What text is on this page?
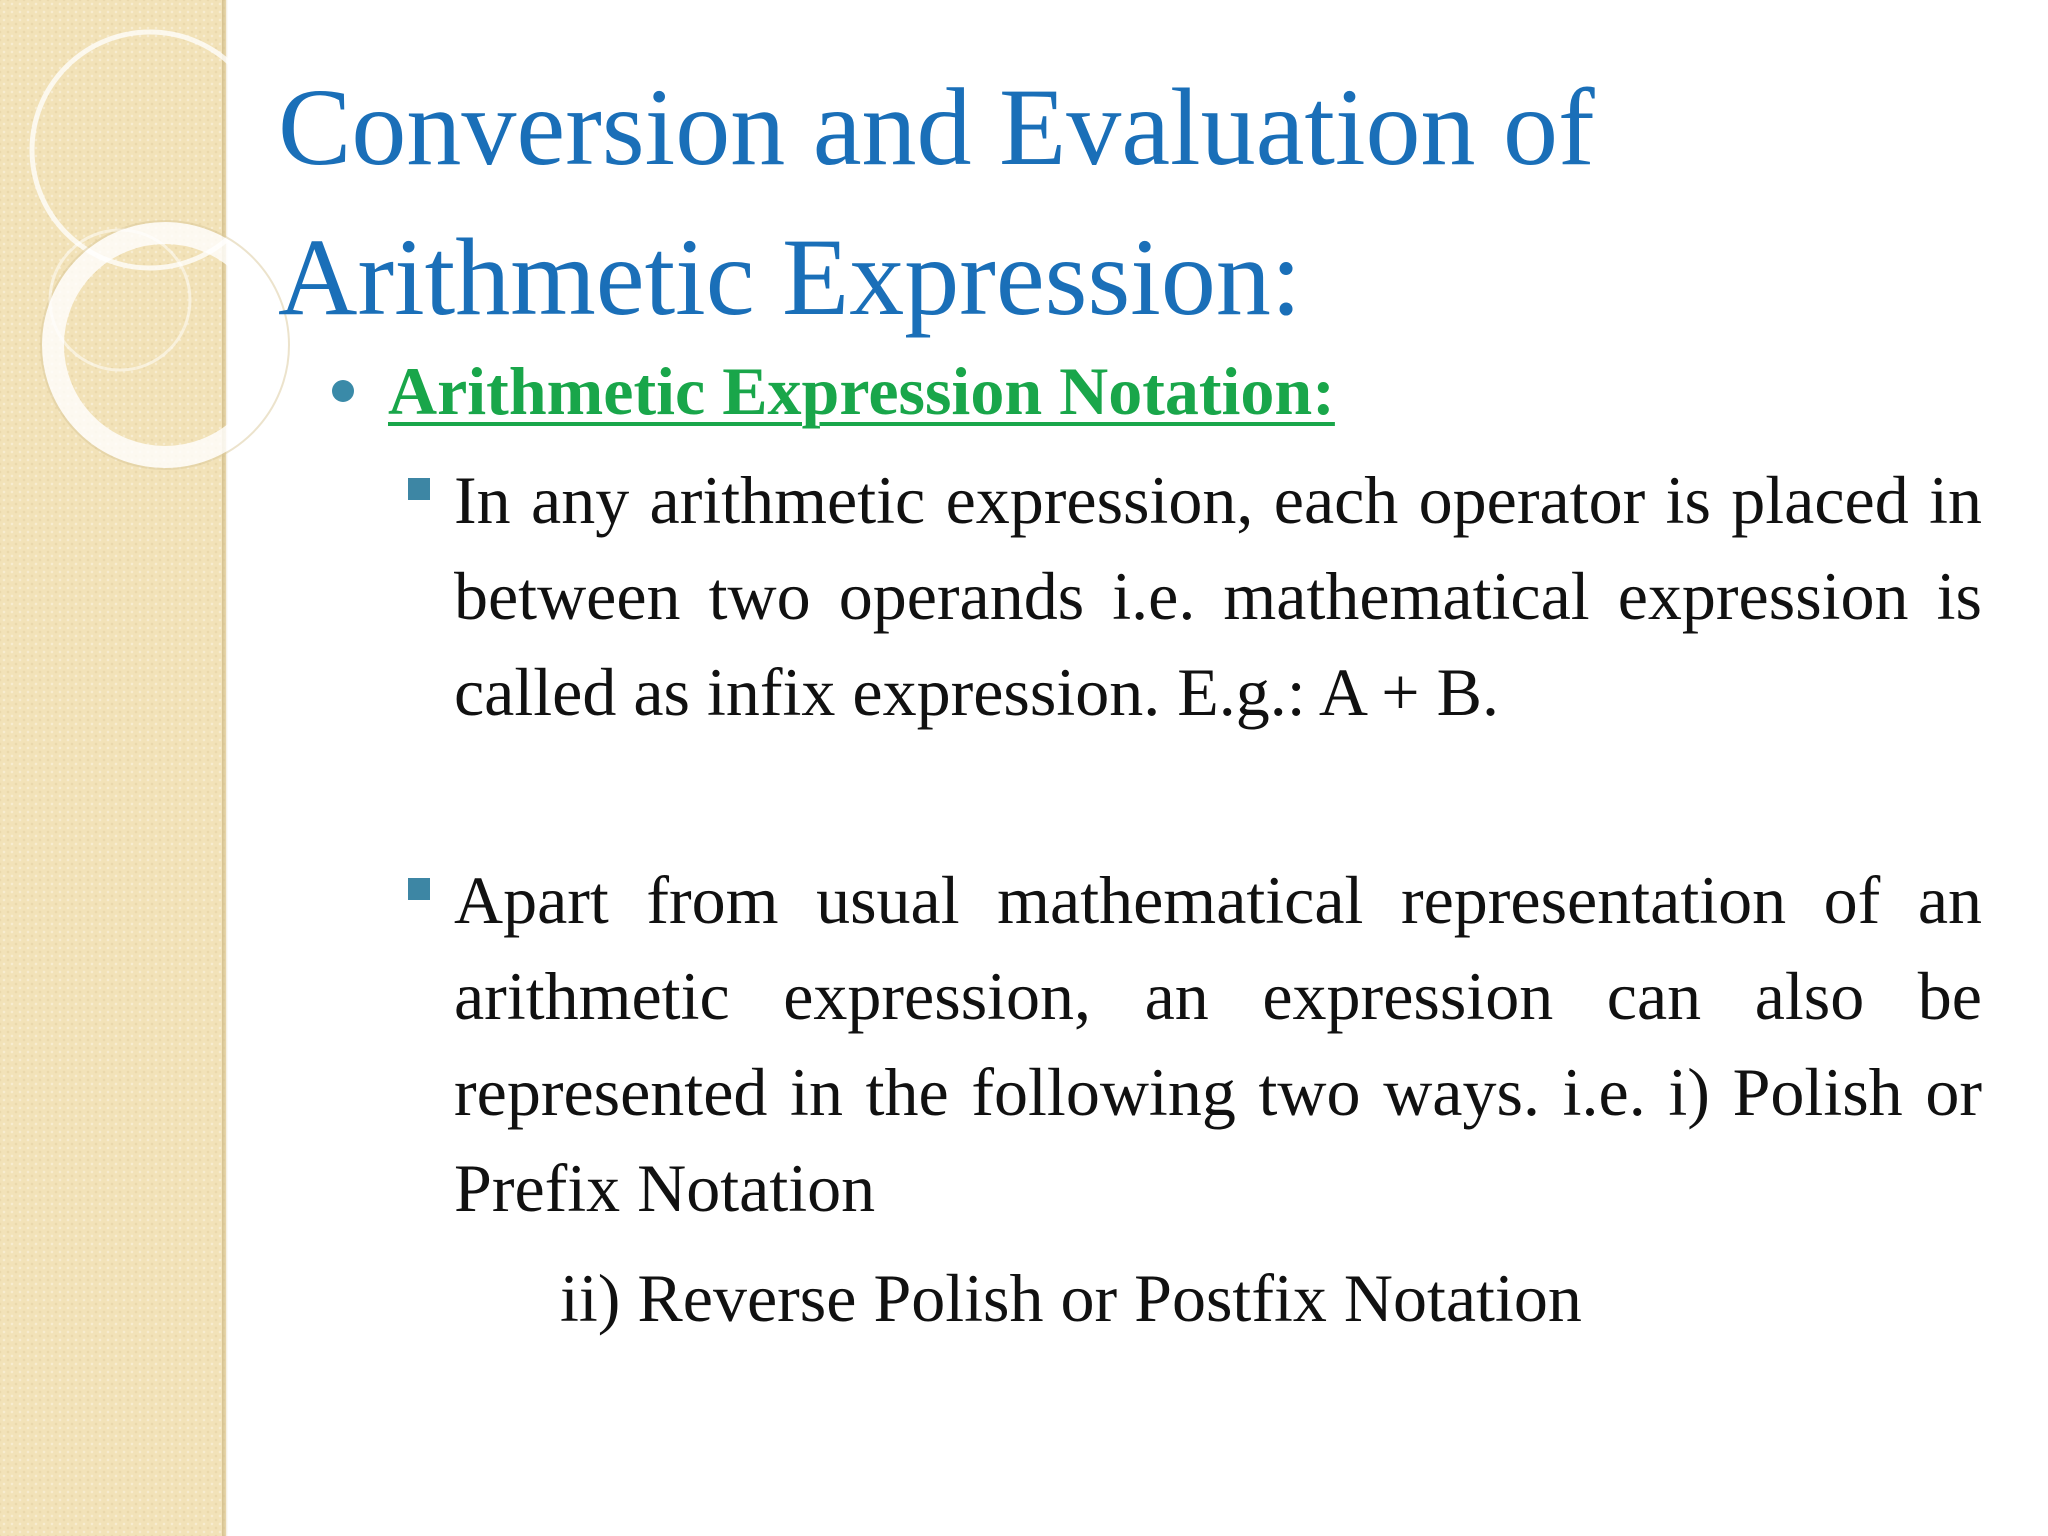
Conversion and Evaluation of
Arithmetic Expression:
Arithmetic Expression Notation:
In any arithmetic expression, each operator is placed in between two operands i.e. mathematical expression is called as infix expression. E.g.: A + B.
Apart from usual mathematical representation of an arithmetic expression, an expression can also be represented in the following two ways. i.e. i) Polish or Prefix Notation
ii) Reverse Polish or Postfix Notation
